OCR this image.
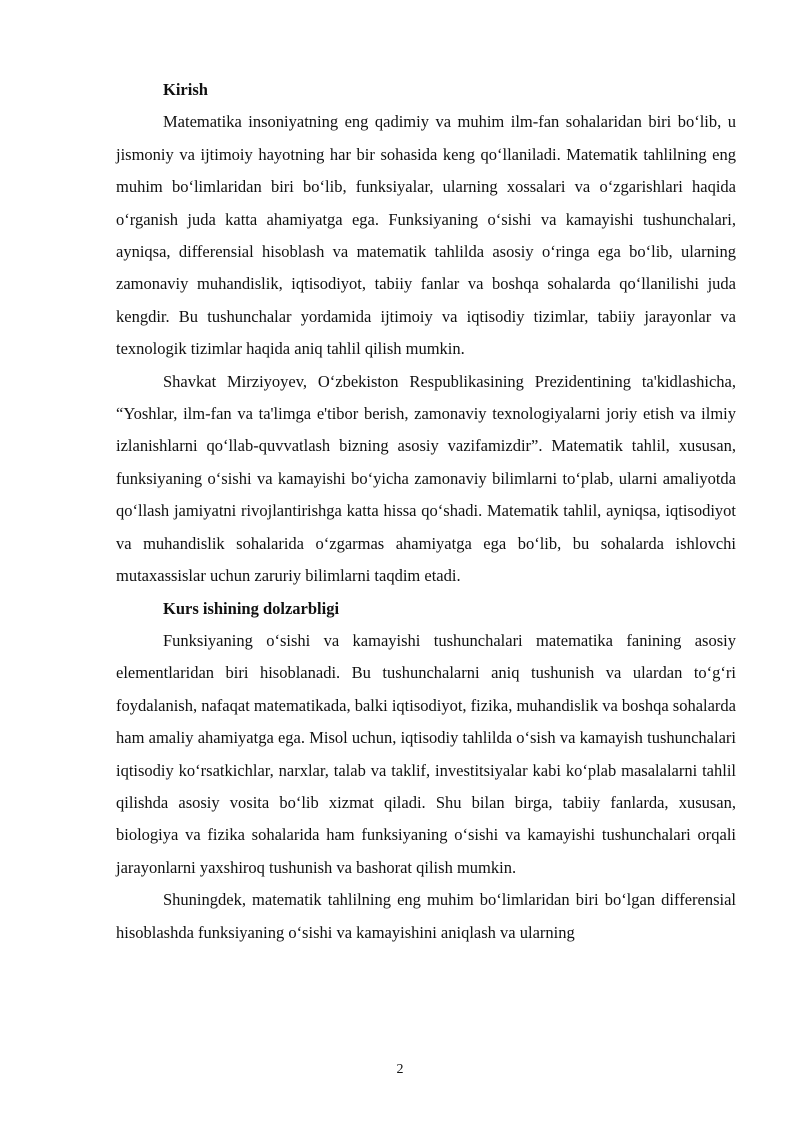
Kirish

Matematika insoniyatning eng qadimiy va muhim ilm-fan sohalaridan biri bo‘lib, u jismoniy va ijtimoiy hayotning har bir sohasida keng qo‘llaniladi. Matematik tahlilning eng muhim bo‘limlaridan biri bo‘lib, funksiyalar, ularning xossalari va o‘zgarishlari haqida o‘rganish juda katta ahamiyatga ega. Funksiyaning o‘sishi va kamayishi tushunchalari, ayniqsa, differensial hisoblash va matematik tahlilda asosiy o‘ringa ega bo‘lib, ularning zamonaviy muhandislik, iqtisodiyot, tabiiy fanlar va boshqa sohalarda qo‘llanilishi juda kengdir. Bu tushunchalar yordamida ijtimoiy va iqtisodiy tizimlar, tabiiy jarayonlar va texnologik tizimlar haqida aniq tahlil qilish mumkin.

Shavkat Mirziyoyev, O‘zbekiston Respublikasining Prezidentining ta'kidlashicha, “Yoshlar, ilm-fan va ta'limga e'tibor berish, zamonaviy texnologiyalarni joriy etish va ilmiy izlanishlarni qo‘llab-quvvatlash bizning asosiy vazifamizdir”. Matematik tahlil, xususan, funksiyaning o‘sishi va kamayishi bo‘yicha zamonaviy bilimlarni to‘plab, ularni amaliyotda qo‘llash jamiyatni rivojlantirishga katta hissa qo‘shadi. Matematik tahlil, ayniqsa, iqtisodiyot va muhandislik sohalarida o‘zgarmas ahamiyatga ega bo‘lib, bu sohalarda ishlovchi mutaxassislar uchun zaruriy bilimlarni taqdim etadi.

Kurs ishining dolzarbligi

Funksiyaning o‘sishi va kamayishi tushunchalari matematika fanining asosiy elementlaridan biri hisoblanadi. Bu tushunchalarni aniq tushunish va ulardan to‘g‘ri foydalanish, nafaqat matematikada, balki iqtisodiyot, fizika, muhandislik va boshqa sohalarda ham amaliy ahamiyatga ega. Misol uchun, iqtisodiy tahlilda o‘sish va kamayish tushunchalari iqtisodiy ko‘rsatkichlar, narxlar, talab va taklif, investitsiyalar kabi ko‘plab masalalarni tahlil qilishda asosiy vosita bo‘lib xizmat qiladi. Shu bilan birga, tabiiy fanlarda, xususan, biologiya va fizika sohalarida ham funksiyaning o‘sishi va kamayishi tushunchalari orqali jarayonlarni yaxshiroq tushunish va bashorat qilish mumkin.

Shuningdek, matematik tahlilning eng muhim bo‘limlaridan biri bo‘lgan differensial hisoblashda funksiyaning o‘sishi va kamayishini aniqlash va ularning

2
